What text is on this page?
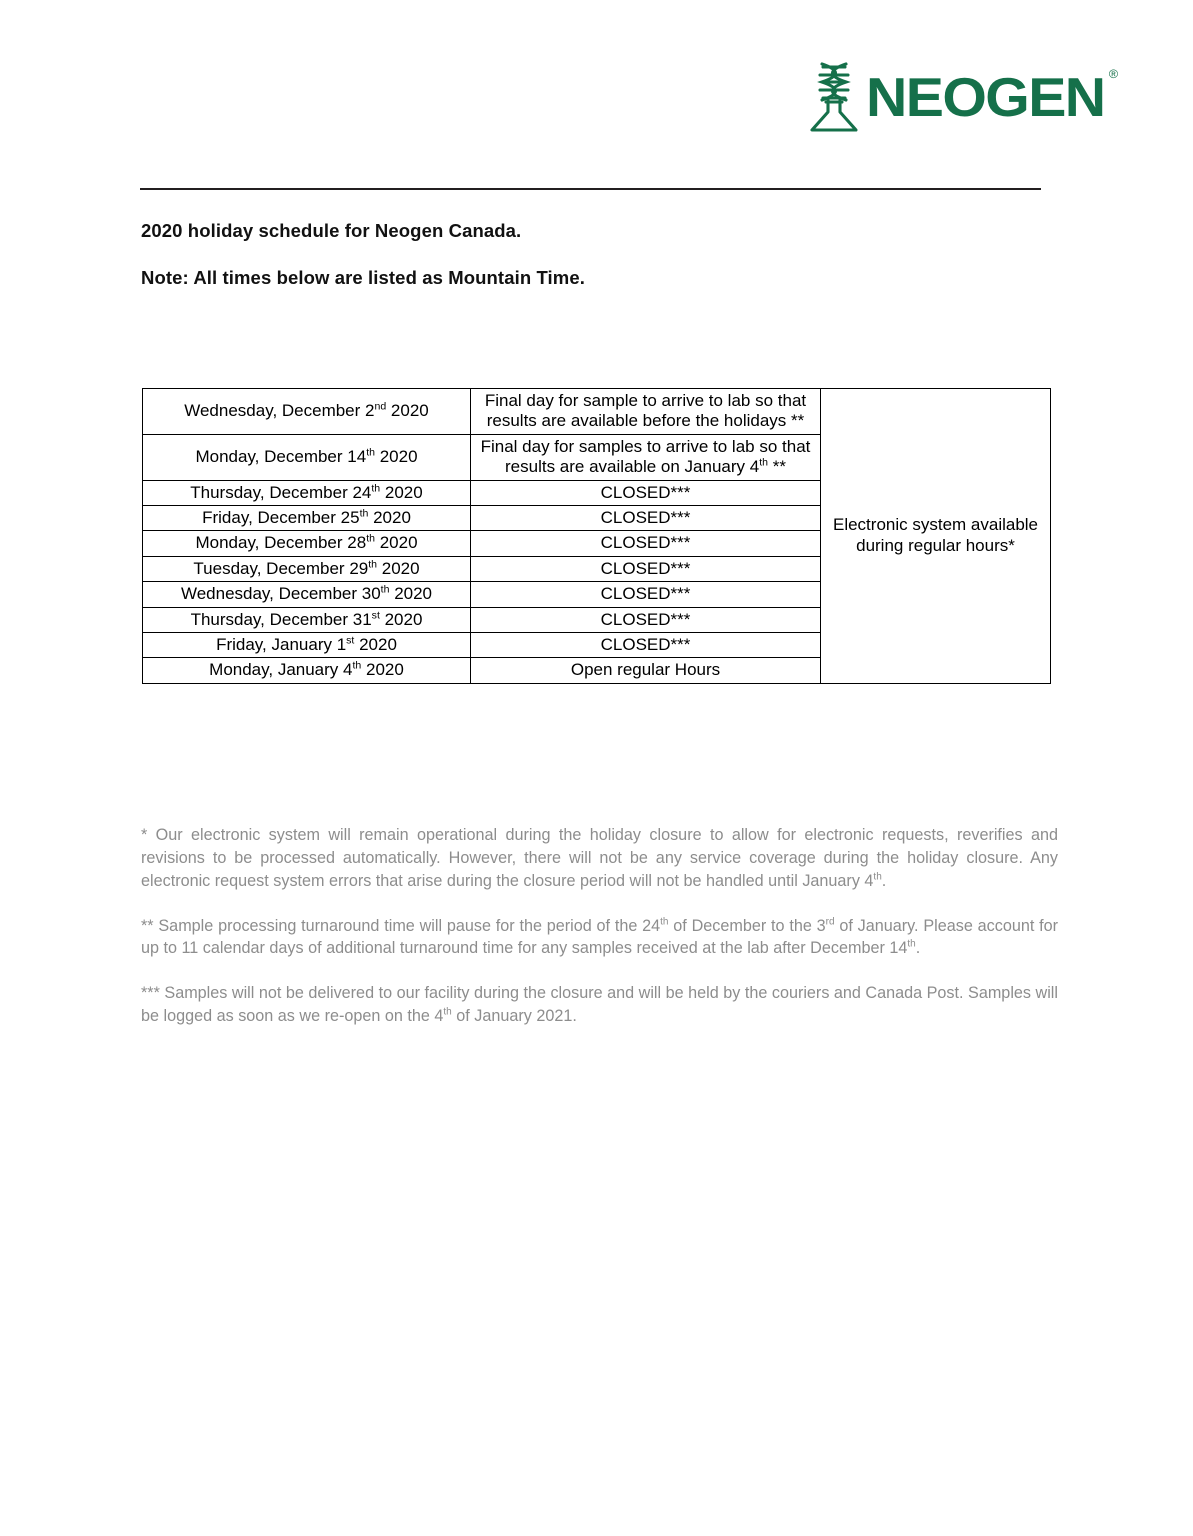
NEOGEN ®
2020 holiday schedule for Neogen Canada.
Note: All times below are listed as Mountain Time.
Wednesday, December 2nd 2020	Final day for sample to arrive to lab so that results are available before the holidays **	Electronic system available during regular hours*
Monday, December 14th 2020	Final day for samples to arrive to lab so that results are available on January 4th **	
Thursday, December 24th 2020	CLOSED***	
Friday, December 25th 2020	CLOSED***	
Monday, December 28th 2020	CLOSED***	
Tuesday, December 29th 2020	CLOSED***	
Wednesday, December 30th 2020	CLOSED***	
Thursday, December 31st 2020	CLOSED***	
Friday, January 1st 2020	CLOSED***	
Monday, January 4th 2020	Open regular Hours	

* Our electronic system will remain operational during the holiday closure to allow for electronic requests, reverifies and revisions to be processed automatically. However, there will not be any service coverage during the holiday closure. Any electronic request system errors that arise during the closure period will not be handled until January 4th.

** Sample processing turnaround time will pause for the period of the 24th of December to the 3rd of January. Please account for up to 11 calendar days of additional turnaround time for any samples received at the lab after December 14th.

*** Samples will not be delivered to our facility during the closure and will be held by the couriers and Canada Post. Samples will be logged as soon as we re-open on the 4th of January 2021.
